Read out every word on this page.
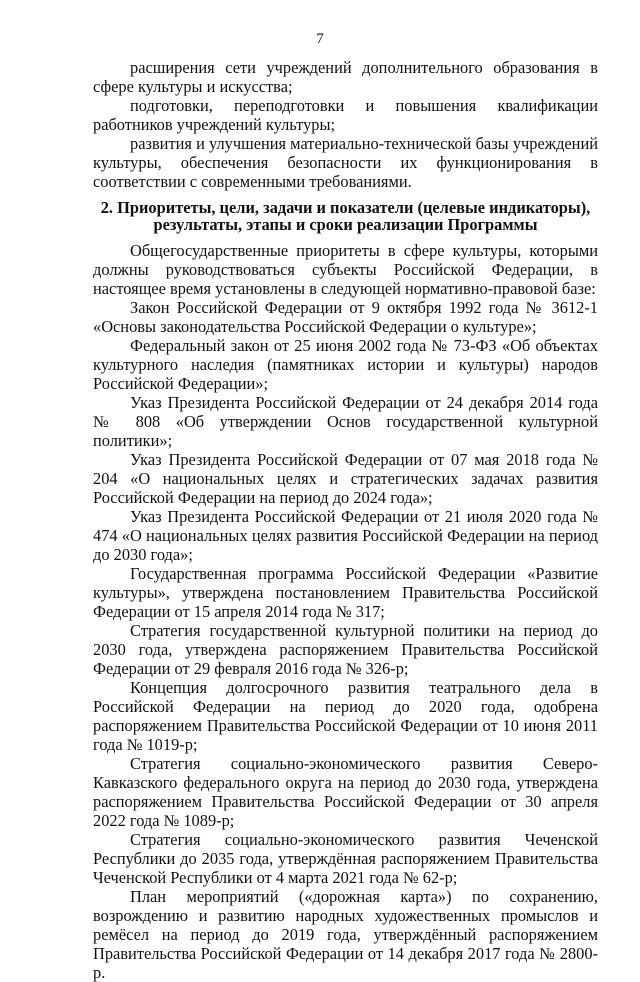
7

расширения сети учреждений дополнительного образования в сфере культуры и искусства;

подготовки, переподготовки и повышения квалификации работников учреждений культуры;

развития и улучшения материально-технической базы учреждений культуры, обеспечения безопасности их функционирования в соответствии с современными требованиями.

2. Приоритеты, цели, задачи и показатели (целевые индикаторы),
результаты, этапы и сроки реализации Программы

Общегосударственные приоритеты в сфере культуры, которыми должны руководствоваться субъекты Российской Федерации, в настоящее время установлены в следующей нормативно-правовой базе:

Закон Российской Федерации от 9 октября 1992 года № 3612-1 «Основы законодательства Российской Федерации о культуре»;

Федеральный закон от 25 июня 2002 года № 73-ФЗ «Об объектах культурного наследия (памятниках истории и культуры) народов Российской Федерации»;

Указ Президента Российской Федерации от 24 декабря 2014 года № 808 «Об утверждении Основ государственной культурной политики»;

Указ Президента Российской Федерации от 07 мая 2018 года № 204 «О национальных целях и стратегических задачах развития Российской Федерации на период до 2024 года»;

Указ Президента Российской Федерации от 21 июля 2020 года № 474 «О национальных целях развития Российской Федерации на период до 2030 года»;

Государственная программа Российской Федерации «Развитие культуры», утверждена постановлением Правительства Российской Федерации от 15 апреля 2014 года № 317;

Стратегия государственной культурной политики на период до 2030 года, утверждена распоряжением Правительства Российской Федерации от 29 февраля 2016 года № 326-р;

Концепция долгосрочного развития театрального дела в Российской Федерации на период до 2020 года, одобрена распоряжением Правительства Российской Федерации от 10 июня 2011 года № 1019-р;

Стратегия социально-экономического развития Северо-Кавказского федерального округа на период до 2030 года, утверждена распоряжением Правительства Российской Федерации от 30 апреля 2022 года № 1089-р;

Стратегия социально-экономического развития Чеченской Республики до 2035 года, утверждённая распоряжением Правительства Чеченской Республики от 4 марта 2021 года № 62-р;

План мероприятий («дорожная карта») по сохранению, возрождению и развитию народных художественных промыслов и ремёсел на период до 2019 года, утверждённый распоряжением Правительства Российской Федерации от 14 декабря 2017 года № 2800-р.
